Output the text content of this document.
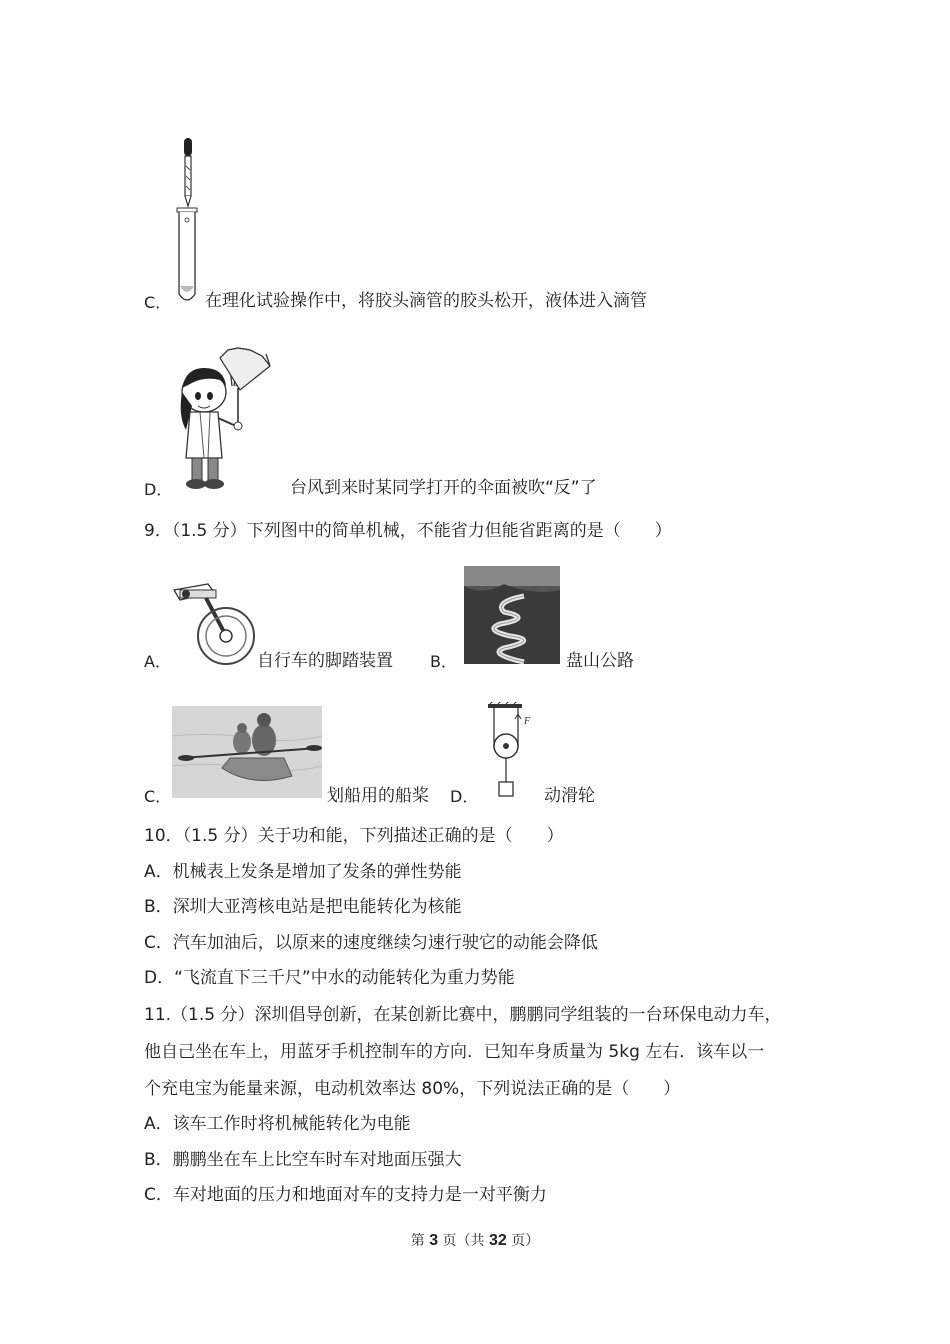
C． 在理化试验操作中，将胶头滴管的胶头松开，液体进入滴管
D．	台风到来时某同学打开的伞面被吹“反”了
9．（1.5 分）下列图中的简单机械，不能省力但能省距离的是（　　）
A．	自行车的脚踏装置 B．	盘山公路
C．	划船用的船桨
F
D．	动滑轮
10．（1.5 分）关于功和能，下列描述正确的是（　　）
A．机械表上发条是增加了发条的弹性势能
B．深圳大亚湾核电站是把电能转化为核能
C．汽车加油后，以原来的速度继续匀速行驶它的动能会降低
D．“飞流直下三千尺”中水的动能转化为重力势能
11.（1.5 分）深圳倡导创新，在某创新比赛中，鹏鹏同学组装的一台环保电动力车，
他自己坐在车上，用蓝牙手机控制车的方向．已知车身质量为 5kg 左右．该车以一
个充电宝为能量来源，电动机效率达 80%，下列说法正确的是（　　）
A．该车工作时将机械能转化为电能
B．鹏鹏坐在车上比空车时车对地面压强大
C．车对地面的压力和地面对车的支持力是一对平衡力
第 3 页（共 32 页）
